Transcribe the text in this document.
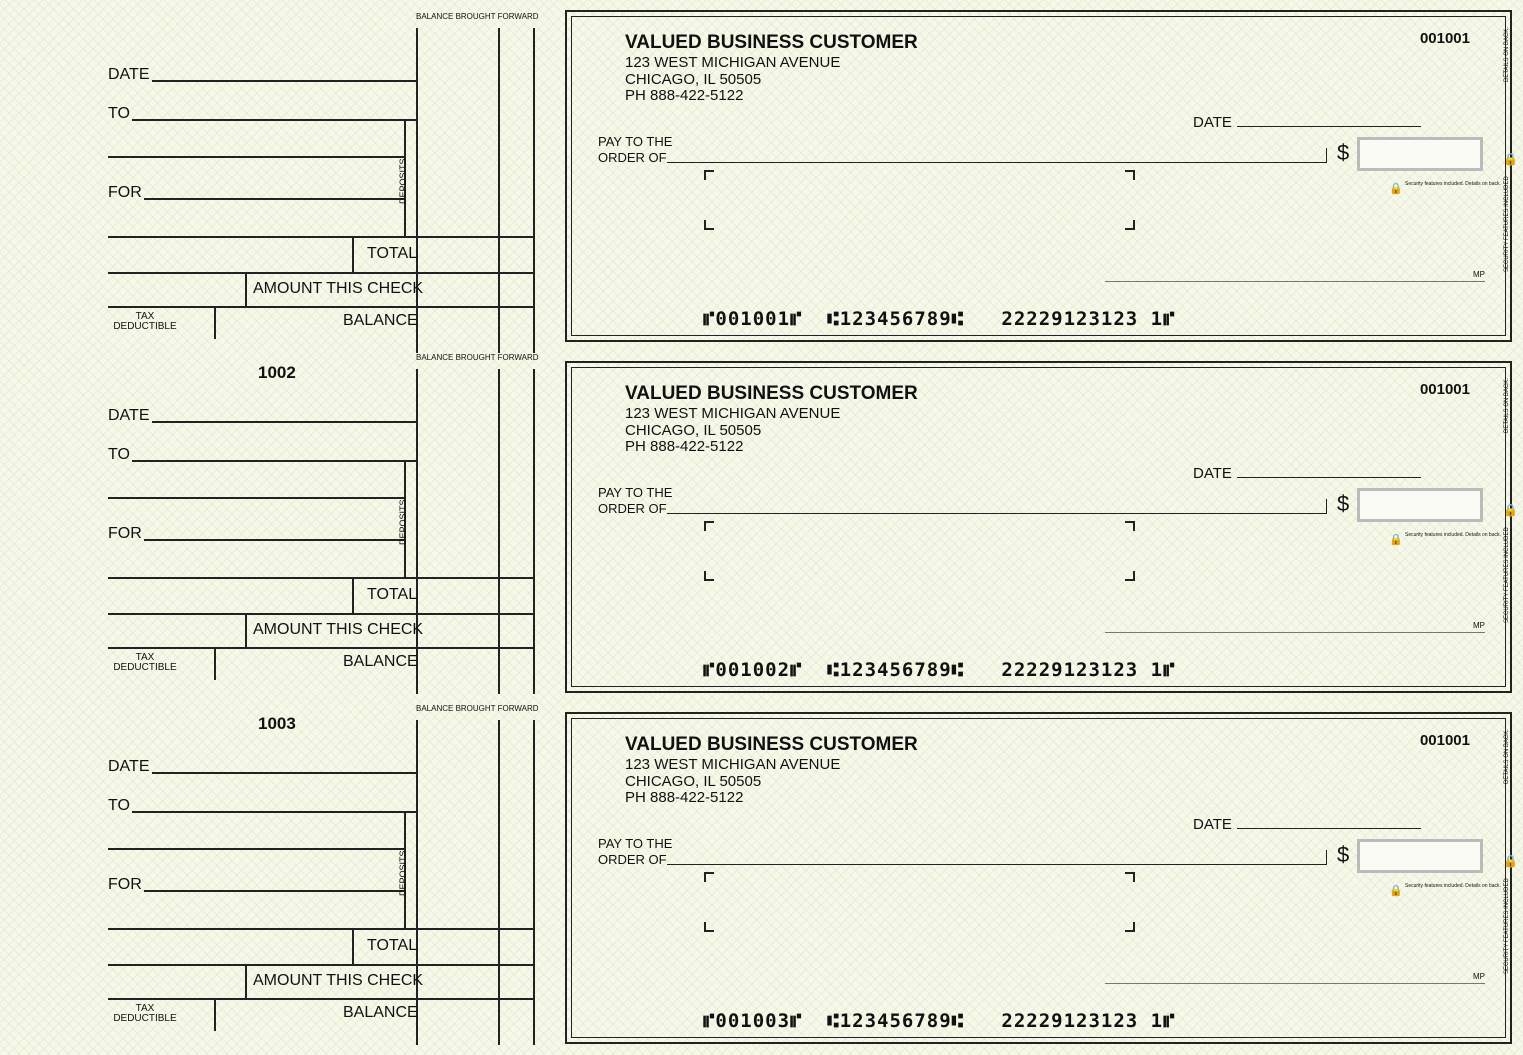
BALANCE BROUGHT FORWARD
DATE
TO
FOR	DEPOSITS
TOTAL
AMOUNT THIS CHECK
TAX
DEDUCTIBLE	BALANCE
VALUED BUSINESS CUSTOMER
123 WEST MICHIGAN AVENUE
CHICAGO, IL 50505
PH 888-422-5122
001001
DATE
PAY TO THE
ORDER OF	$
🔒 Security features included. Details on back.
MP
⑈001001⑈  ⑆123456789⑆   22229123123 1⑈
DETAILS ON BACK.
🔒
SECURITY FEATURES INCLUDED
1002
BALANCE BROUGHT FORWARD
DATE
TO
FOR	DEPOSITS
TOTAL
AMOUNT THIS CHECK
TAX
DEDUCTIBLE	BALANCE
VALUED BUSINESS CUSTOMER
123 WEST MICHIGAN AVENUE
CHICAGO, IL 50505
PH 888-422-5122
001001
DATE
PAY TO THE
ORDER OF	$
🔒 Security features included. Details on back.
MP
⑈001002⑈  ⑆123456789⑆   22229123123 1⑈
DETAILS ON BACK.
🔒
SECURITY FEATURES INCLUDED
1003
BALANCE BROUGHT FORWARD
DATE
TO
FOR	DEPOSITS
TOTAL
AMOUNT THIS CHECK
TAX
DEDUCTIBLE	BALANCE
VALUED BUSINESS CUSTOMER
123 WEST MICHIGAN AVENUE
CHICAGO, IL 50505
PH 888-422-5122
001001
DATE
PAY TO THE
ORDER OF	$
🔒 Security features included. Details on back.
MP
⑈001003⑈  ⑆123456789⑆   22229123123 1⑈
DETAILS ON BACK.
🔒
SECURITY FEATURES INCLUDED
